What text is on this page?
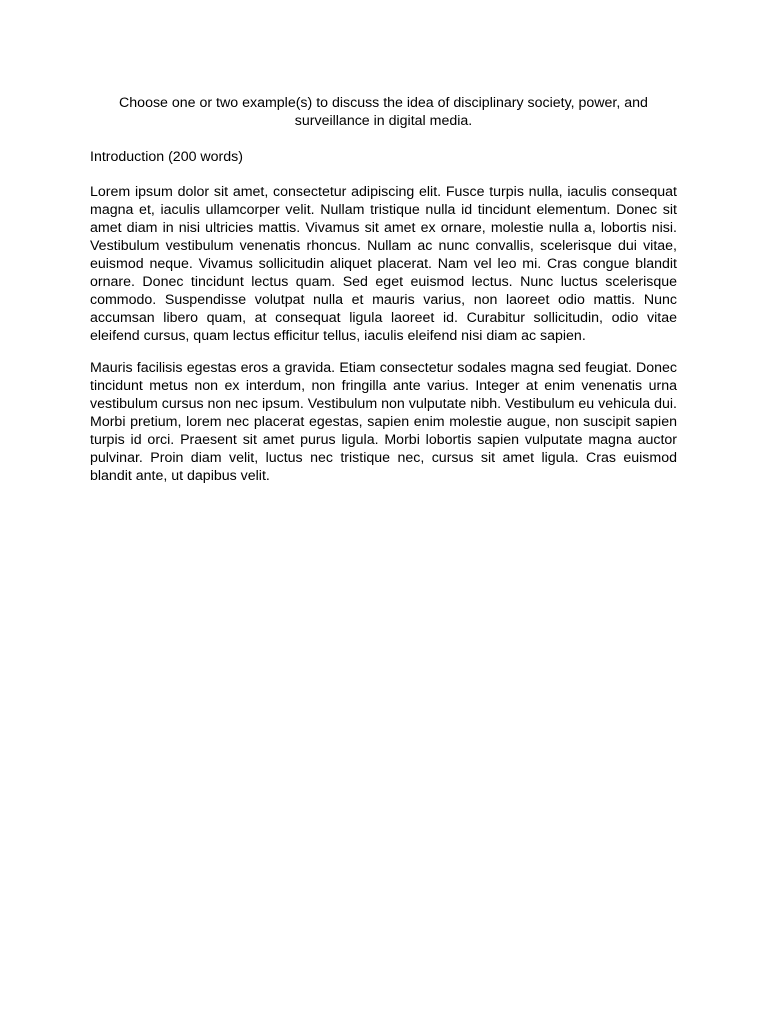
Choose one or two example(s) to discuss the idea of disciplinary society, power, and surveillance in digital media.

Introduction (200 words)

Lorem ipsum dolor sit amet, consectetur adipiscing elit. Fusce turpis nulla, iaculis consequat magna et, iaculis ullamcorper velit. Nullam tristique nulla id tincidunt elementum. Donec sit amet diam in nisi ultricies mattis. Vivamus sit amet ex ornare, molestie nulla a, lobortis nisi. Vestibulum vestibulum venenatis rhoncus. Nullam ac nunc convallis, scelerisque dui vitae, euismod neque. Vivamus sollicitudin aliquet placerat. Nam vel leo mi. Cras congue blandit ornare. Donec tincidunt lectus quam. Sed eget euismod lectus. Nunc luctus scelerisque commodo. Suspendisse volutpat nulla et mauris varius, non laoreet odio mattis. Nunc accumsan libero quam, at consequat ligula laoreet id. Curabitur sollicitudin, odio vitae eleifend cursus, quam lectus efficitur tellus, iaculis eleifend nisi diam ac sapien.

Mauris facilisis egestas eros a gravida. Etiam consectetur sodales magna sed feugiat. Donec tincidunt metus non ex interdum, non fringilla ante varius. Integer at enim venenatis urna vestibulum cursus non nec ipsum. Vestibulum non vulputate nibh. Vestibulum eu vehicula dui. Morbi pretium, lorem nec placerat egestas, sapien enim molestie augue, non suscipit sapien turpis id orci. Praesent sit amet purus ligula. Morbi lobortis sapien vulputate magna auctor pulvinar. Proin diam velit, luctus nec tristique nec, cursus sit amet ligula. Cras euismod blandit ante, ut dapibus velit.
